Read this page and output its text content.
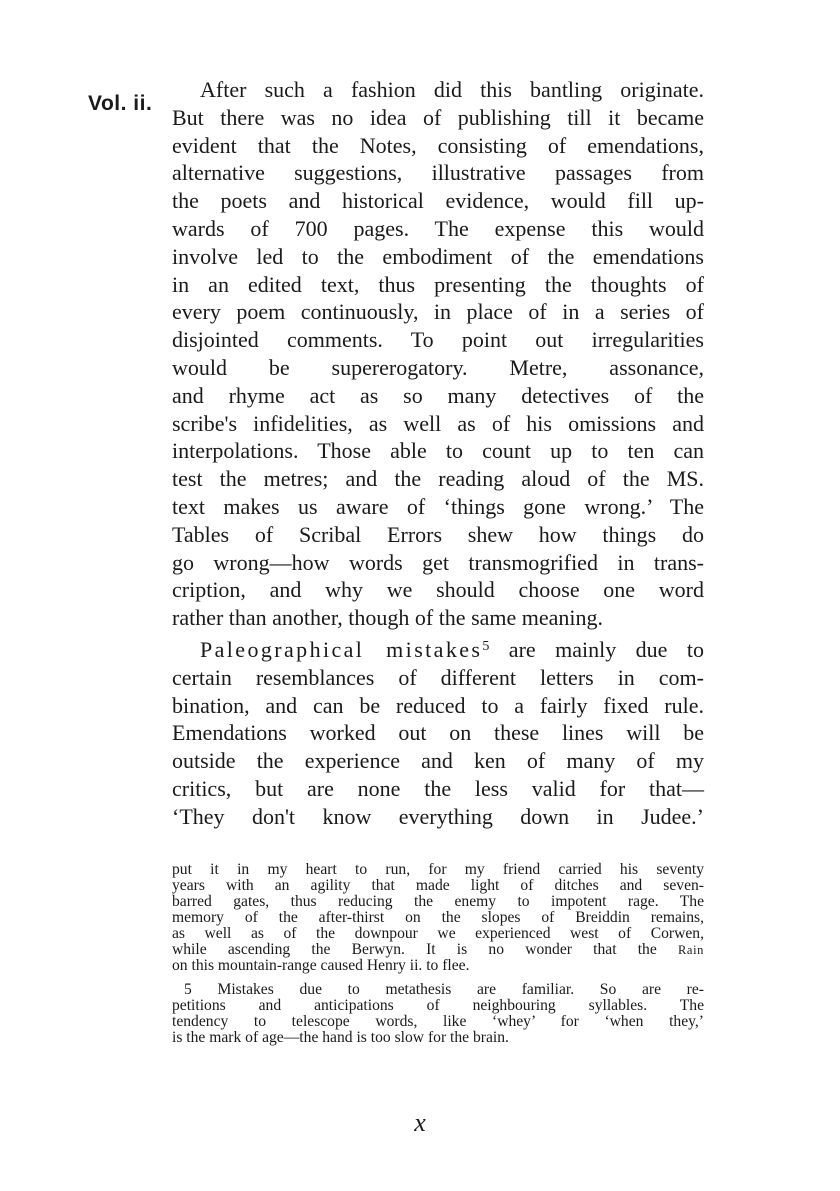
Vol. ii.
After such a fashion did this bantling originate.
But there was no idea of publishing till it became
evident that the Notes, consisting of emendations,
alternative suggestions, illustrative passages from
the poets and historical evidence, would fill up-
wards of 700 pages. The expense this would
involve led to the embodiment of the emendations
in an edited text, thus presenting the thoughts of
every poem continuously, in place of in a series of
disjointed comments. To point out irregularities
would be supererogatory. Metre, assonance,
and rhyme act as so many detectives of the
scribe's infidelities, as well as of his omissions and
interpolations. Those able to count up to ten can
test the metres; and the reading aloud of the MS.
text makes us aware of ‘things gone wrong.’ The
Tables of Scribal Errors shew how things do
go wrong—how words get transmogrified in trans-
cription, and why we should choose one word
rather than another, though of the same meaning.
Paleographical mistakes$^5$ are mainly due to
certain resemblances of different letters in com-
bination, and can be reduced to a fairly fixed rule.
Emendations worked out on these lines will be
outside the experience and ken of many of my
critics, but are none the less valid for that—
‘They don't know everything down in Judee.’
put it in my heart to run, for my friend carried his seventy
years with an agility that made light of ditches and seven-
barred gates, thus reducing the enemy to impotent rage. The
memory of the after-thirst on the slopes of Breiddin remains,
as well as of the downpour we experienced west of Corwen,
while ascending the Berwyn. It is no wonder that the Rain
on this mountain-range caused Henry ii. to flee.
5 Mistakes due to metathesis are familiar. So are re-
petitions and anticipations of neighbouring syllables. The
tendency to telescope words, like ‘whey’ for ‘when they,’
is the mark of age—the hand is too slow for the brain.
x
